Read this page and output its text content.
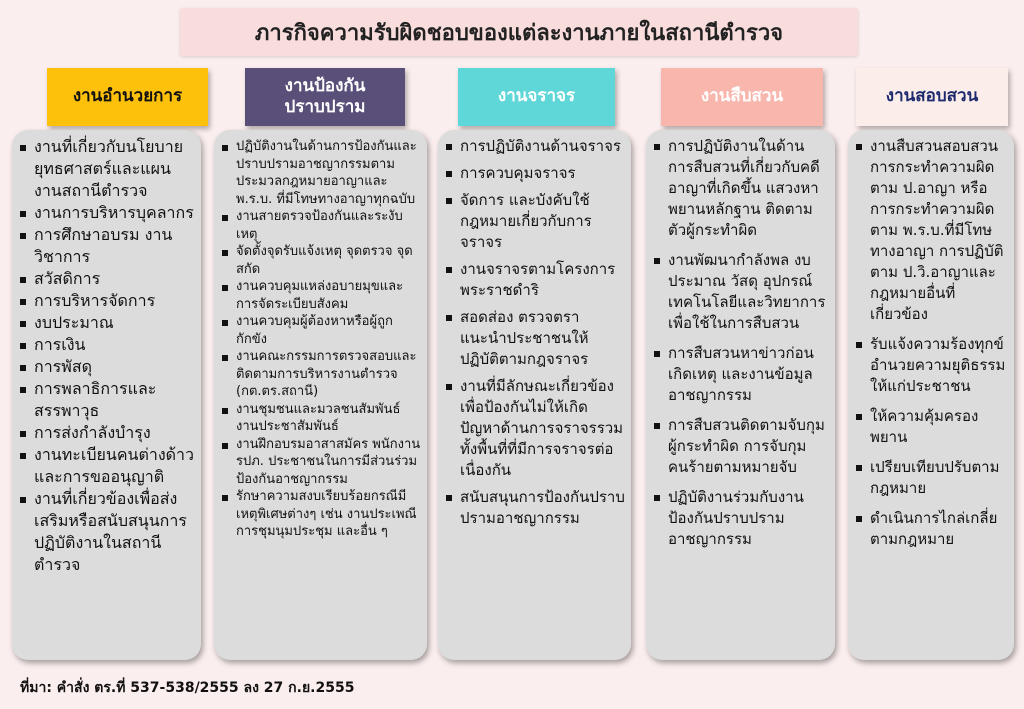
ภารกิจความรับผิดชอบของแต่ละงานภายในสถานีตำรวจ
งานอำนวยการ
งานที่เกี่ยวกับนโยบาย ยุทธศาสตร์และแผนงานสถานีตำรวจ
งานการบริหารบุคลากร
การศึกษาอบรม งานวิชาการ
สวัสดิการ
การบริหารจัดการ
งบประมาณ
การเงิน
การพัสดุ
การพลาธิการและสรรพาวุธ
การส่งกำลังบำรุง
งานทะเบียนคนต่างด้าวและการขออนุญาติ
งานที่เกี่ยวข้องเพื่อส่งเสริมหรือสนับสนุนการปฏิบัติงานในสถานีตำรวจ
งานป้องกันปราบปราม
ปฏิบัติงานในด้านการป้องกันและปราบปรามอาชญากรรมตามประมวลกฎหมายอาญาและพ.ร.บ. ที่มีโทษทางอาญาทุกฉบับ
งานสายตรวจป้องกันและระงับเหตุ
จัดตั้งจุดรับแจ้งเหตุ จุดตรวจ จุดสกัด
งานควบคุมแหล่งอบายมุขและการจัดระเบียบสังคม
งานควบคุมผู้ต้องหาหรือผู้ถูกกักขัง
งานคณะกรรมการตรวจสอบและติดตามการบริหารงานตำรวจ (กต.ตร.สถานี)
งานชุมชนและมวลชนสัมพันธ์ งานประชาสัมพันธ์
งานฝึกอบรมอาสาสมัคร พนักงาน รปภ. ประชาชนในการมีส่วนร่วมป้องกันอาชญากรรม
รักษาความสงบเรียบร้อยกรณีมีเหตุพิเศษต่างๆ เช่น งานประเพณี การชุมนุมประชุม และอื่น ๆ
งานจราจร
การปฏิบัติงานด้านจราจร
การควบคุมจราจร
จัดการ และบังคับใช้กฎหมายเกี่ยวกับการจราจร
งานจราจรตามโครงการพระราชดำริ
สอดส่อง ตรวจตราแนะนำประชาชนให้ปฏิบัติตามกฎจราจร
งานที่มีลักษณะเกี่ยวข้อง เพื่อป้องกันไม่ให้เกิดปัญหาด้านการจราจรรวมทั้งพื้นที่ที่มีการจราจรต่อเนื่องกัน
สนับสนุนการป้องกันปราบปรามอาชญากรรม
งานสืบสวน
การปฏิบัติงานในด้านการสืบสวนที่เกี่ยวกับคดีอาญาที่เกิดขึ้น แสวงหาพยานหลักฐาน ติดตามตัวผู้กระทำผิด
งานพัฒนากำลังพล งบประมาณ วัสดุ อุปกรณ์ เทคโนโลยีและวิทยาการ เพื่อใช้ในการสืบสวน
การสืบสวนหาข่าวก่อนเกิดเหตุ และงานข้อมูลอาชญากรรม
การสืบสวนติดตามจับกุมผู้กระทำผิด การจับกุมคนร้ายตามหมายจับ
ปฏิบัติงานร่วมกับงานป้องกันปราบปรามอาชญากรรม
งานสอบสวน
งานสืบสวนสอบสวนการกระทำความผิดตาม ป.อาญา หรือการกระทำความผิดตาม พ.ร.บ.ที่มีโทษทางอาญา การปฏิบัติตาม ป.วิ.อาญาและกฎหมายอื่นที่เกี่ยวข้อง
รับแจ้งความร้องทุกข์ อำนวยความยุติธรรมให้แก่ประชาชน
ให้ความคุ้มครองพยาน
เปรียบเทียบปรับตามกฎหมาย
ดำเนินการไกล่เกลี่ยตามกฎหมาย
ที่มา: คำสั่ง ตร.ที่ 537-538/2555 ลง 27 ก.ย.2555
